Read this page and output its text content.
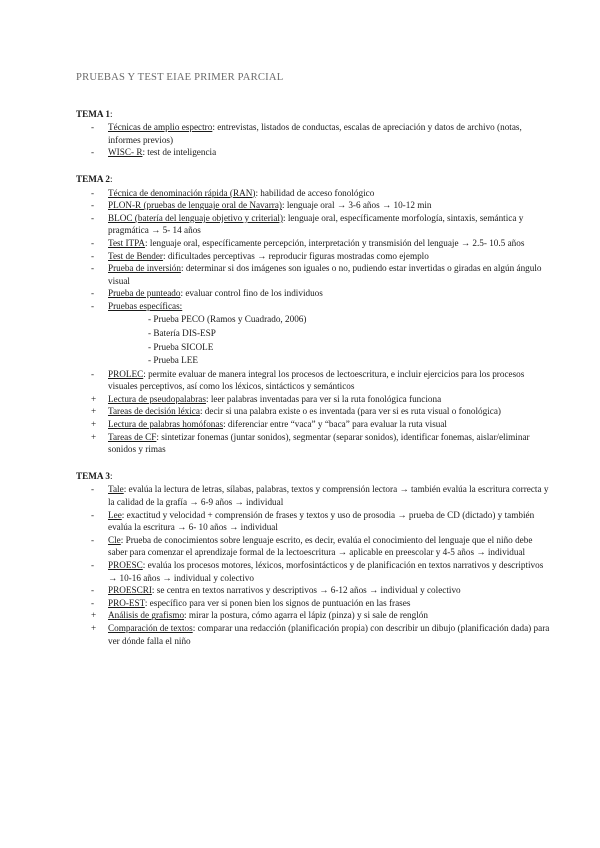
PRUEBAS Y TEST EIAE PRIMER PARCIAL
TEMA 1:
- Técnicas de amplio espectro: entrevistas, listados de conductas, escalas de apreciación y datos de archivo (notas, informes previos)
- WISC- R: test de inteligencia
TEMA 2:
- Técnica de denominación rápida (RAN): habilidad de acceso fonológico
- PLON-R (pruebas de lenguaje oral de Navarra): lenguaje oral → 3-6 años → 10-12 min
- BLOC (batería del lenguaje objetivo y criterial): lenguaje oral, específicamente morfología, sintaxis, semántica y pragmática → 5- 14 años
- Test ITPA: lenguaje oral, específicamente percepción, interpretación y transmisión del lenguaje → 2.5- 10.5 años
- Test de Bender: dificultades perceptivas → reproducir figuras mostradas como ejemplo
- Prueba de inversión: determinar si dos imágenes son iguales o no, pudiendo estar invertidas o giradas en algún ángulo visual
- Prueba de punteado: evaluar control fino de los individuos
- Pruebas específicas:
- Prueba PECO (Ramos y Cuadrado, 2006)
- Batería DIS-ESP
- Prueba SICOLE
- Prueba LEE
- PROLEC: permite evaluar de manera integral los procesos de lectoescritura, e incluir ejercicios para los procesos visuales perceptivos, así como los léxicos, sintácticos y semánticos
+ Lectura de pseudopalabras: leer palabras inventadas para ver si la ruta fonológica funciona
+ Tareas de decisión léxica: decir si una palabra existe o es inventada (para ver si es ruta visual o fonológica)
+ Lectura de palabras homófonas: diferenciar entre “vaca” y “baca” para evaluar la ruta visual
+ Tareas de CF: sintetizar fonemas (juntar sonidos), segmentar (separar sonidos), identificar fonemas, aislar/eliminar sonidos y rimas
TEMA 3:
- Tale: evalúa la lectura de letras, sílabas, palabras, textos y comprensión lectora → también evalúa la escritura correcta y la calidad de la grafía → 6-9 años → individual
- Lee: exactitud y velocidad + comprensión de frases y textos y uso de prosodia → prueba de CD (dictado) y también evalúa la escritura → 6- 10 años → individual
- Cle: Prueba de conocimientos sobre lenguaje escrito, es decir, evalúa el conocimiento del lenguaje que el niño debe saber para comenzar el aprendizaje formal de la lectoescritura → aplicable en preescolar y 4-5 años → individual
- PROESC: evalúa los procesos motores, léxicos, morfosintácticos y de planificación en textos narrativos y descriptivos → 10-16 años → individual y colectivo
- PROESCRI: se centra en textos narrativos y descriptivos → 6-12 años → individual y colectivo
- PRO-EST: específico para ver si ponen bien los signos de puntuación en las frases
+ Análisis de grafismo: mirar la postura, cómo agarra el lápiz (pinza) y si sale de renglón
+ Comparación de textos: comparar una redacción (planificación propia) con describir un dibujo (planificación dada) para ver dónde falla el niño
